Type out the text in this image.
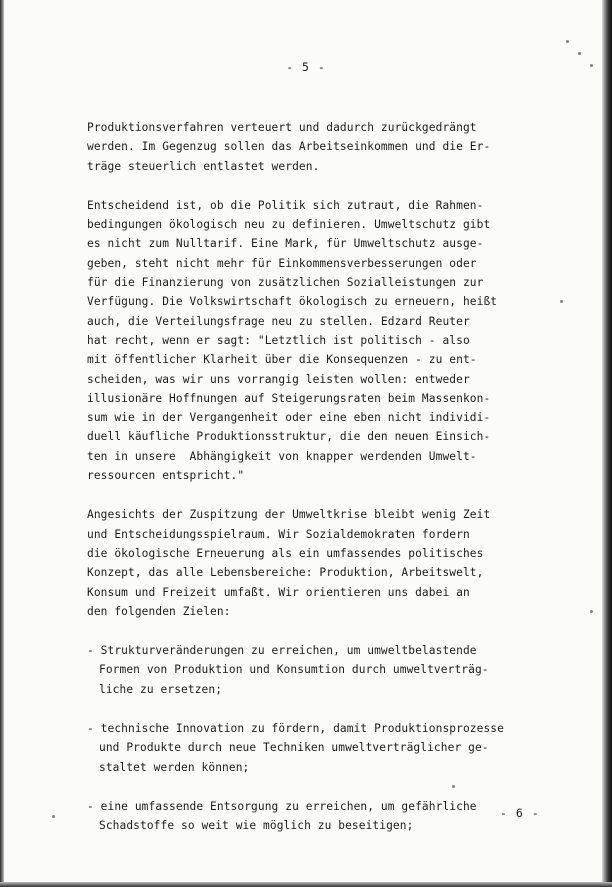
- 5 -
Produktionsverfahren verteuert und dadurch zurückgedrängt
werden. Im Gegenzug sollen das Arbeitseinkommen und die Er-
träge steuerlich entlastet werden.
Entscheidend ist, ob die Politik sich zutraut, die Rahmen-
bedingungen ökologisch neu zu definieren. Umweltschutz gibt
es nicht zum Nulltarif. Eine Mark, für Umweltschutz ausge-
geben, steht nicht mehr für Einkommensverbesserungen oder
für die Finanzierung von zusätzlichen Sozialleistungen zur
Verfügung. Die Volkswirtschaft ökologisch zu erneuern, heißt
auch, die Verteilungsfrage neu zu stellen. Edzard Reuter
hat recht, wenn er sagt: "Letztlich ist politisch - also
mit öffentlicher Klarheit über die Konsequenzen - zu ent-
scheiden, was wir uns vorrangig leisten wollen: entweder
illusionäre Hoffnungen auf Steigerungsraten beim Massenkon-
sum wie in der Vergangenheit oder eine eben nicht individi-
duell käufliche Produktionsstruktur, die den neuen Einsich-
ten in unsere  Abhängigkeit von knapper werdenden Umwelt-
ressourcen entspricht."
Angesichts der Zuspitzung der Umweltkrise bleibt wenig Zeit
und Entscheidungsspielraum. Wir Sozialdemokraten fordern
die ökologische Erneuerung als ein umfassendes politisches
Konzept, das alle Lebensbereiche: Produktion, Arbeitswelt,
Konsum und Freizeit umfaßt. Wir orientieren uns dabei an
den folgenden Zielen:
- Strukturveränderungen zu erreichen, um umweltbelastende
Formen von Produktion und Konsumtion durch umweltverträg-
liche zu ersetzen;
- technische Innovation zu fördern, damit Produktionsprozesse
und Produkte durch neue Techniken umweltverträglicher ge-
staltet werden können;
- eine umfassende Entsorgung zu erreichen, um gefährliche
Schadstoffe so weit wie möglich zu beseitigen;
- 6 -
